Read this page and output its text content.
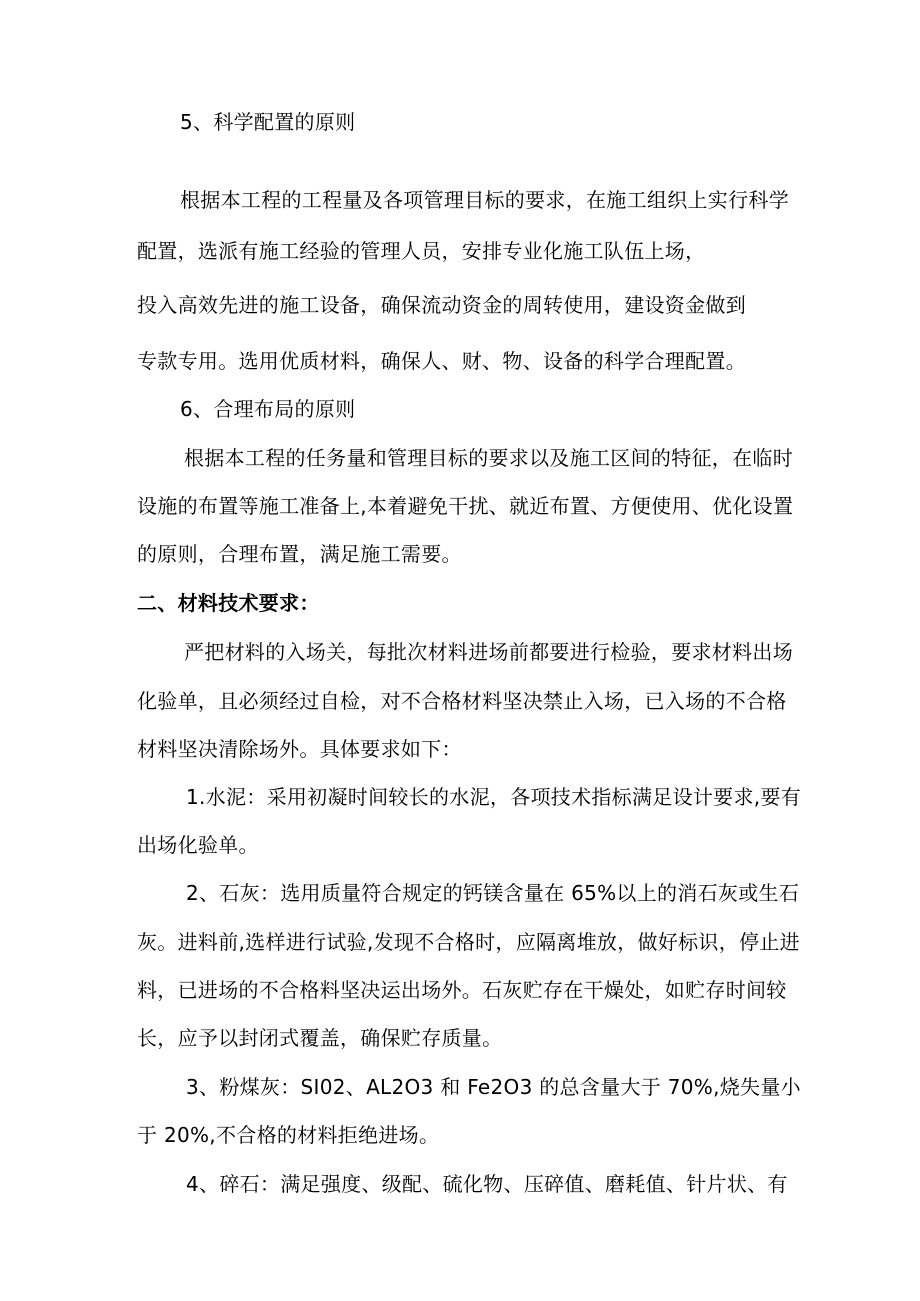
5、科学配置的原则
根据本工程的工程量及各项管理目标的要求，在施工组织上实行科学
配置，选派有施工经验的管理人员，安排专业化施工队伍上场，
投入高效先进的施工设备，确保流动资金的周转使用，建设资金做到
专款专用。选用优质材料，确保人、财、物、设备的科学合理配置。
6、合理布局的原则
根据本工程的任务量和管理目标的要求以及施工区间的特征，在临时
设施的布置等施工准备上,本着避免干扰、就近布置、方便使用、优化设置
的原则，合理布置，满足施工需要。
二、材料技术要求：
严把材料的入场关，每批次材料进场前都要进行检验，要求材料出场
化验单，且必须经过自检，对不合格材料坚决禁止入场，已入场的不合格
材料坚决清除场外。具体要求如下：
1.水泥：采用初凝时间较长的水泥，各项技术指标满足设计要求,要有
出场化验单。
2、石灰：选用质量符合规定的钙镁含量在 65%以上的消石灰或生石
灰。进料前,选样进行试验,发现不合格时，应隔离堆放，做好标识，停止进
料，已进场的不合格料坚决运出场外。石灰贮存在干燥处，如贮存时间较
长，应予以封闭式覆盖，确保贮存质量。
3、粉煤灰：SI02、AL2O3 和 Fe2O3 的总含量大于 70%,烧失量小
于 20%,不合格的材料拒绝进场。
4、碎石：满足强度、级配、硫化物、压碎值、磨耗值、针片状、有
